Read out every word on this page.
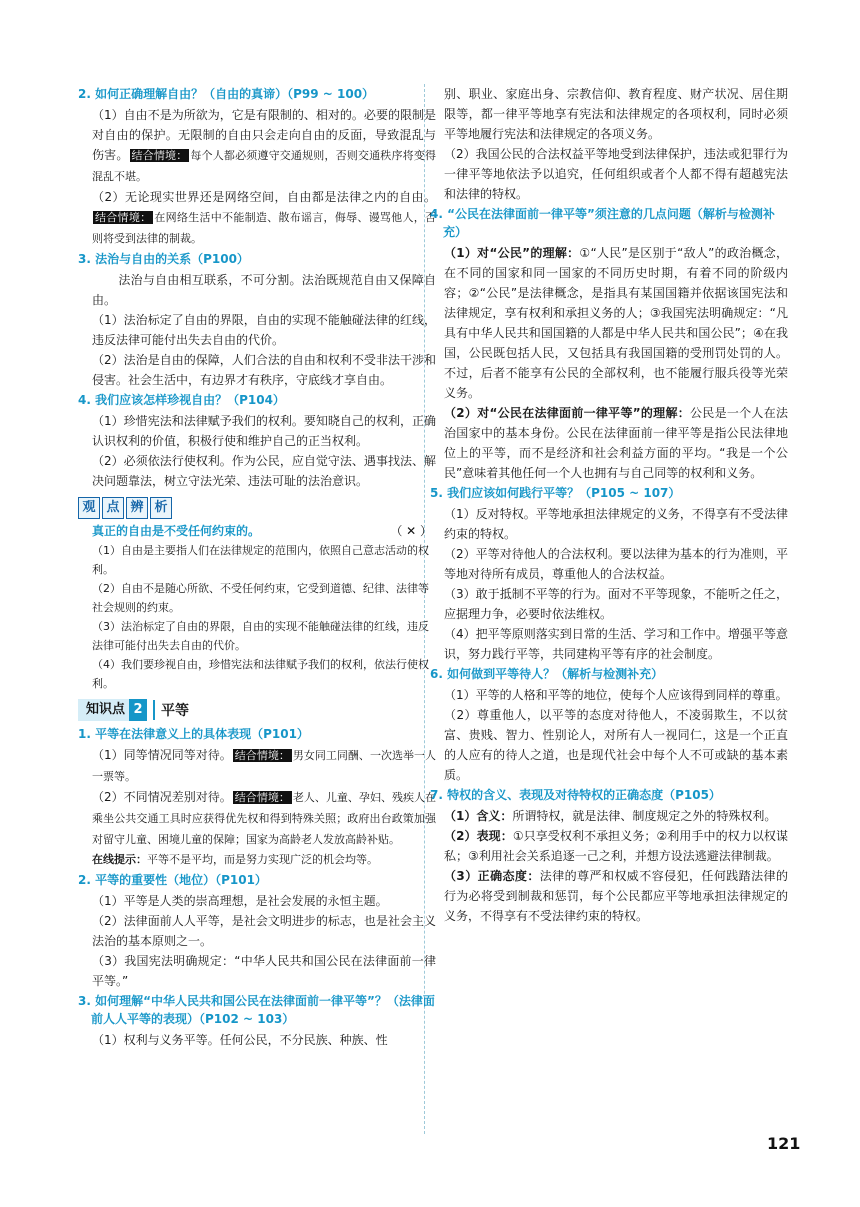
2. 如何正确理解自由？（自由的真谛）（P99 ~ 100）

（1）自由不是为所欲为，它是有限制的、相对的。必要的限制是对自由的保护。无限制的自由只会走向自由的反面，导致混乱与伤害。 结合情境： 每个人都必须遵守交通规则，否则交通秩序将变得混乱不堪。

（2）无论现实世界还是网络空间，自由都是法律之内的自由。结合情境： 在网络生活中不能制造、散布谣言，侮辱、谩骂他人，否则将受到法律的制裁。

3. 法治与自由的关系（P100）

法治与自由相互联系，不可分割。法治既规范自由又保障自由。

（1）法治标定了自由的界限，自由的实现不能触碰法律的红线，违反法律可能付出失去自由的代价。

（2）法治是自由的保障，人们合法的自由和权利不受非法干涉和侵害。社会生活中，有边界才有秩序，守底线才享自由。

4. 我们应该怎样珍视自由？（P104）

（1）珍惜宪法和法律赋予我们的权利。要知晓自己的权利，正确认识权利的价值，积极行使和维护自己的正当权利。

（2）必须依法行使权利。作为公民，应自觉守法、遇事找法、解决问题靠法，树立守法光荣、违法可耻的法治意识。

观 点 辨 析
真正的自由是不受任何约束的。	（ ✕ ）

（1）自由是主要指人们在法律规定的范围内，依照自己意志活动的权利。

（2）自由不是随心所欲、不受任何约束，它受到道德、纪律、法律等社会规则的约束。

（3）法治标定了自由的界限，自由的实现不能触碰法律的红线，违反法律可能付出失去自由的代价。

（4）我们要珍视自由，珍惜宪法和法律赋予我们的权利，依法行使权利。

知识点 2	平等
1. 平等在法律意义上的具体表现（P101）

（1）同等情况同等对待。 结合情境： 男女同工同酬、一次选举一人一票等。

（2）不同情况差别对待。 结合情境： 老人、儿童、孕妇、残疾人在乘坐公共交通工具时应获得优先权和得到特殊关照；政府出台政策加强对留守儿童、困境儿童的保障；国家为高龄老人发放高龄补贴。

在线提示：平等不是平均，而是努力实现广泛的机会均等。

2. 平等的重要性（地位）（P101）

（1）平等是人类的崇高理想，是社会发展的永恒主题。

（2）法律面前人人平等，是社会文明进步的标志，也是社会主义法治的基本原则之一。

（3）我国宪法明确规定：“中华人民共和国公民在法律面前一律平等。”

3. 如何理解“中华人民共和国公民在法律面前一律平等”？（法律面前人人平等的表现）（P102 ~ 103）

（1）权利与义务平等。任何公民，不分民族、种族、性

别、职业、家庭出身、宗教信仰、教育程度、财产状况、居住期限等，都一律平等地享有宪法和法律规定的各项权利，同时必须平等地履行宪法和法律规定的各项义务。

（2）我国公民的合法权益平等地受到法律保护，违法或犯罪行为一律平等地依法予以追究，任何组织或者个人都不得有超越宪法和法律的特权。

4. “公民在法律面前一律平等”须注意的几点问题（解析与检测补充）

（1）对“公民”的理解：①“人民”是区别于“敌人”的政治概念，在不同的国家和同一国家的不同历史时期，有着不同的阶级内容；②“公民”是法律概念，是指具有某国国籍并依据该国宪法和法律规定，享有权利和承担义务的人；③我国宪法明确规定：“凡具有中华人民共和国国籍的人都是中华人民共和国公民”；④在我国，公民既包括人民，又包括具有我国国籍的受刑罚处罚的人。不过，后者不能享有公民的全部权利，也不能履行服兵役等光荣义务。

（2）对“公民在法律面前一律平等”的理解：公民是一个人在法治国家中的基本身份。公民在法律面前一律平等是指公民法律地位上的平等，而不是经济和社会利益方面的平均。“我是一个公民”意味着其他任何一个人也拥有与自己同等的权利和义务。

5. 我们应该如何践行平等？（P105 ~ 107）

（1）反对特权。平等地承担法律规定的义务，不得享有不受法律约束的特权。

（2）平等对待他人的合法权利。要以法律为基本的行为准则，平等地对待所有成员，尊重他人的合法权益。

（3）敢于抵制不平等的行为。面对不平等现象，不能听之任之，应据理力争，必要时依法维权。

（4）把平等原则落实到日常的生活、学习和工作中。增强平等意识，努力践行平等，共同建构平等有序的社会制度。

6. 如何做到平等待人？（解析与检测补充）

（1）平等的人格和平等的地位，使每个人应该得到同样的尊重。

（2）尊重他人，以平等的态度对待他人，不凌弱欺生，不以贫富、贵贱、智力、性别论人，对所有人一视同仁，这是一个正直的人应有的待人之道，也是现代社会中每个人不可或缺的基本素质。

7. 特权的含义、表现及对待特权的正确态度（P105）

（1）含义：所谓特权，就是法律、制度规定之外的特殊权利。

（2）表现：①只享受权利不承担义务；②利用手中的权力以权谋私；③利用社会关系追逐一己之利，并想方设法逃避法律制裁。

（3）正确态度：法律的尊严和权威不容侵犯，任何践踏法律的行为必将受到制裁和惩罚，每个公民都应平等地承担法律规定的义务，不得享有不受法律约束的特权。

121
